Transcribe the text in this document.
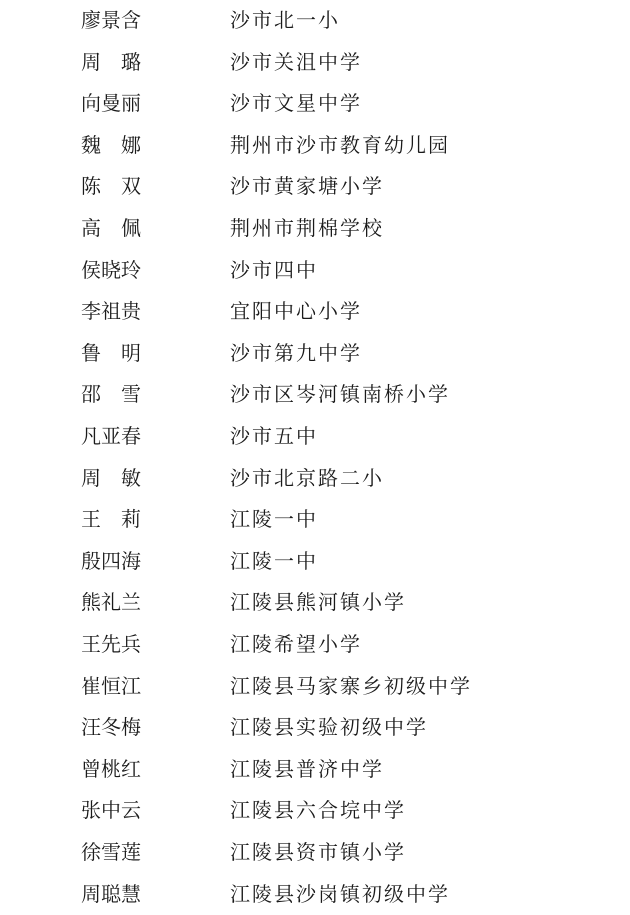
廖景含	沙市北一小
周璐	沙市关沮中学
向曼丽	沙市文星中学
魏娜	荆州市沙市教育幼儿园
陈双	沙市黄家塘小学
高佩	荆州市荆棉学校
侯晓玲	沙市四中
李祖贵	宜阳中心小学
鲁明	沙市第九中学
邵雪	沙市区岑河镇南桥小学
凡亚春	沙市五中
周敏	沙市北京路二小
王莉	江陵一中
殷四海	江陵一中
熊礼兰	江陵县熊河镇小学
王先兵	江陵希望小学
崔恒江	江陵县马家寨乡初级中学
汪冬梅	江陵县实验初级中学
曾桃红	江陵县普济中学
张中云	江陵县六合垸中学
徐雪莲	江陵县资市镇小学
周聪慧	江陵县沙岗镇初级中学
